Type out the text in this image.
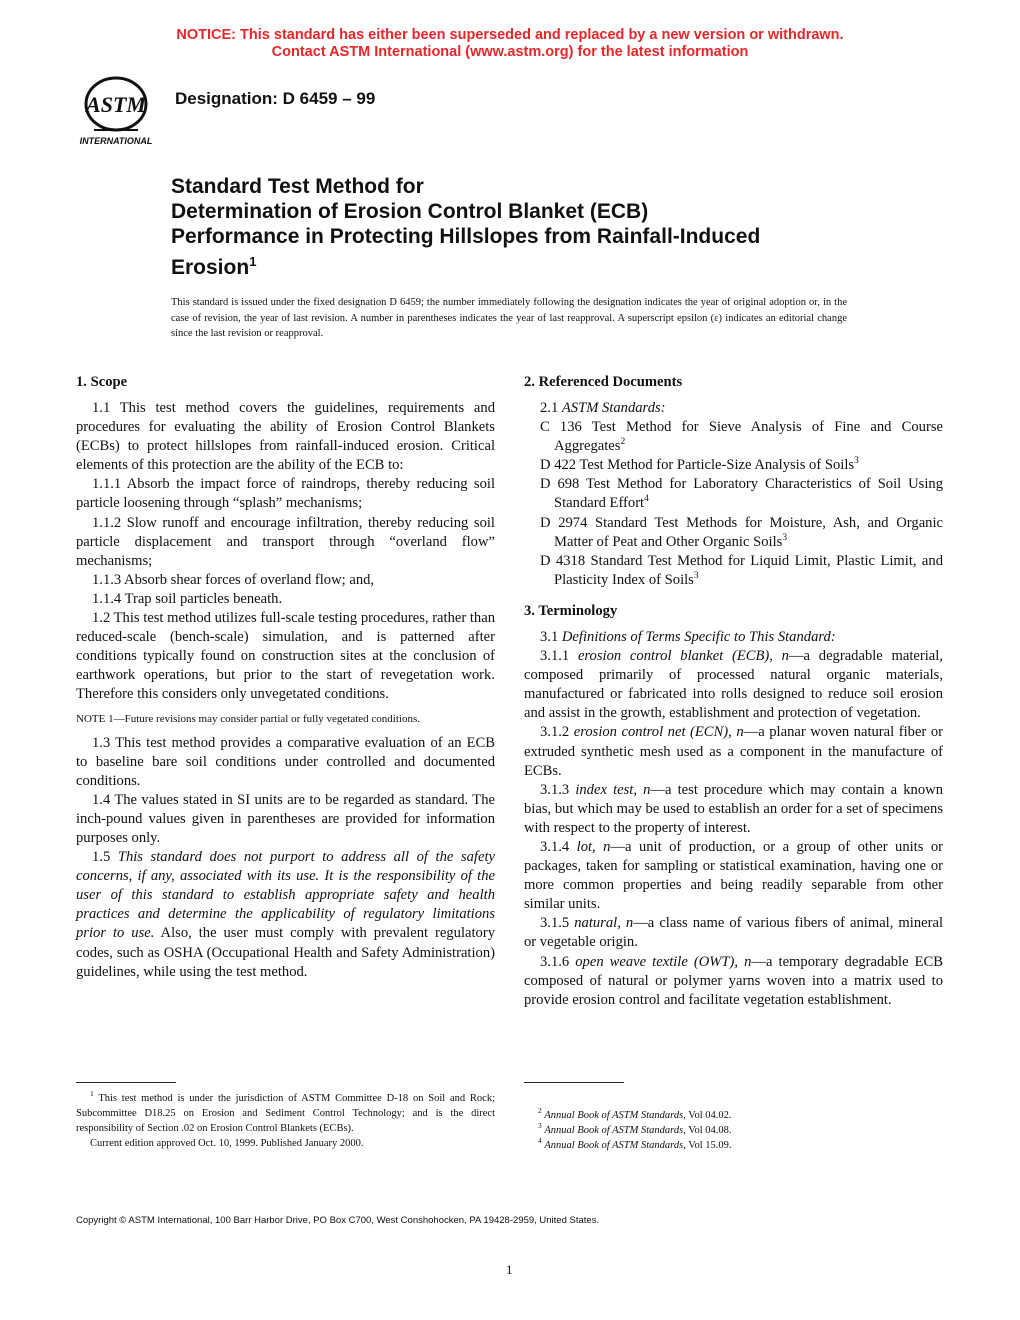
NOTICE: This standard has either been superseded and replaced by a new version or withdrawn.
Contact ASTM International (www.astm.org) for the latest information
ASTM
INTERNATIONAL
Designation: D 6459 – 99
Standard Test Method for
Determination of Erosion Control Blanket (ECB)
Performance in Protecting Hillslopes from Rainfall-Induced
Erosion$^1$
This standard is issued under the fixed designation D 6459; the number immediately following the designation indicates the year of original adoption or, in the case of revision, the year of last revision. A number in parentheses indicates the year of last reapproval. A superscript epsilon (ε) indicates an editorial change since the last revision or reapproval.
1. Scope

1.1 This test method covers the guidelines, requirements and procedures for evaluating the ability of Erosion Control Blankets (ECBs) to protect hillslopes from rainfall-induced erosion. Critical elements of this protection are the ability of the ECB to:

1.1.1 Absorb the impact force of raindrops, thereby reducing soil particle loosening through “splash” mechanisms;

1.1.2 Slow runoff and encourage infiltration, thereby reducing soil particle displacement and transport through “overland flow” mechanisms;

1.1.3 Absorb shear forces of overland flow; and,

1.1.4 Trap soil particles beneath.

1.2 This test method utilizes full-scale testing procedures, rather than reduced-scale (bench-scale) simulation, and is patterned after conditions typically found on construction sites at the conclusion of earthwork operations, but prior to the start of revegetation work. Therefore this considers only unvegetated conditions.

NOTE 1—Future revisions may consider partial or fully vegetated conditions.

1.3 This test method provides a comparative evaluation of an ECB to baseline bare soil conditions under controlled and documented conditions.

1.4 The values stated in SI units are to be regarded as standard. The inch-pound values given in parentheses are provided for information purposes only.

1.5 This standard does not purport to address all of the safety concerns, if any, associated with its use. It is the responsibility of the user of this standard to establish appropriate safety and health practices and determine the applicability of regulatory limitations prior to use. Also, the user must comply with prevalent regulatory codes, such as OSHA (Occupational Health and Safety Administration) guidelines, while using the test method.

2. Referenced Documents

2.1 ASTM Standards:

C 136 Test Method for Sieve Analysis of Fine and Course Aggregates$^2$

D 422 Test Method for Particle-Size Analysis of Soils$^3$

D 698 Test Method for Laboratory Characteristics of Soil Using Standard Effort$^4$

D 2974 Standard Test Methods for Moisture, Ash, and Organic Matter of Peat and Other Organic Soils$^3$

D 4318 Standard Test Method for Liquid Limit, Plastic Limit, and Plasticity Index of Soils$^3$

3. Terminology

3.1 Definitions of Terms Specific to This Standard:

3.1.1 erosion control blanket (ECB), n—a degradable material, composed primarily of processed natural organic materials, manufactured or fabricated into rolls designed to reduce soil erosion and assist in the growth, establishment and protection of vegetation.

3.1.2 erosion control net (ECN), n—a planar woven natural fiber or extruded synthetic mesh used as a component in the manufacture of ECBs.

3.1.3 index test, n—a test procedure which may contain a known bias, but which may be used to establish an order for a set of specimens with respect to the property of interest.

3.1.4 lot, n—a unit of production, or a group of other units or packages, taken for sampling or statistical examination, having one or more common properties and being readily separable from other similar units.

3.1.5 natural, n—a class name of various fibers of animal, mineral or vegetable origin.

3.1.6 open weave textile (OWT), n—a temporary degradable ECB composed of natural or polymer yarns woven into a matrix used to provide erosion control and facilitate vegetation establishment.

$^1$ This test method is under the jurisdiction of ASTM Committee D-18 on Soil and Rock; Subcommittee D18.25 on Erosion and Sediment Control Technology; and is the direct responsibility of Section .02 on Erosion Control Blankets (ECBs).

Current edition approved Oct. 10, 1999. Published January 2000.

$^2$ Annual Book of ASTM Standards, Vol 04.02.

$^3$ Annual Book of ASTM Standards, Vol 04.08.

$^4$ Annual Book of ASTM Standards, Vol 15.09.

Copyright © ASTM International, 100 Barr Harbor Drive, PO Box C700, West Conshohocken, PA 19428-2959, United States.
1
